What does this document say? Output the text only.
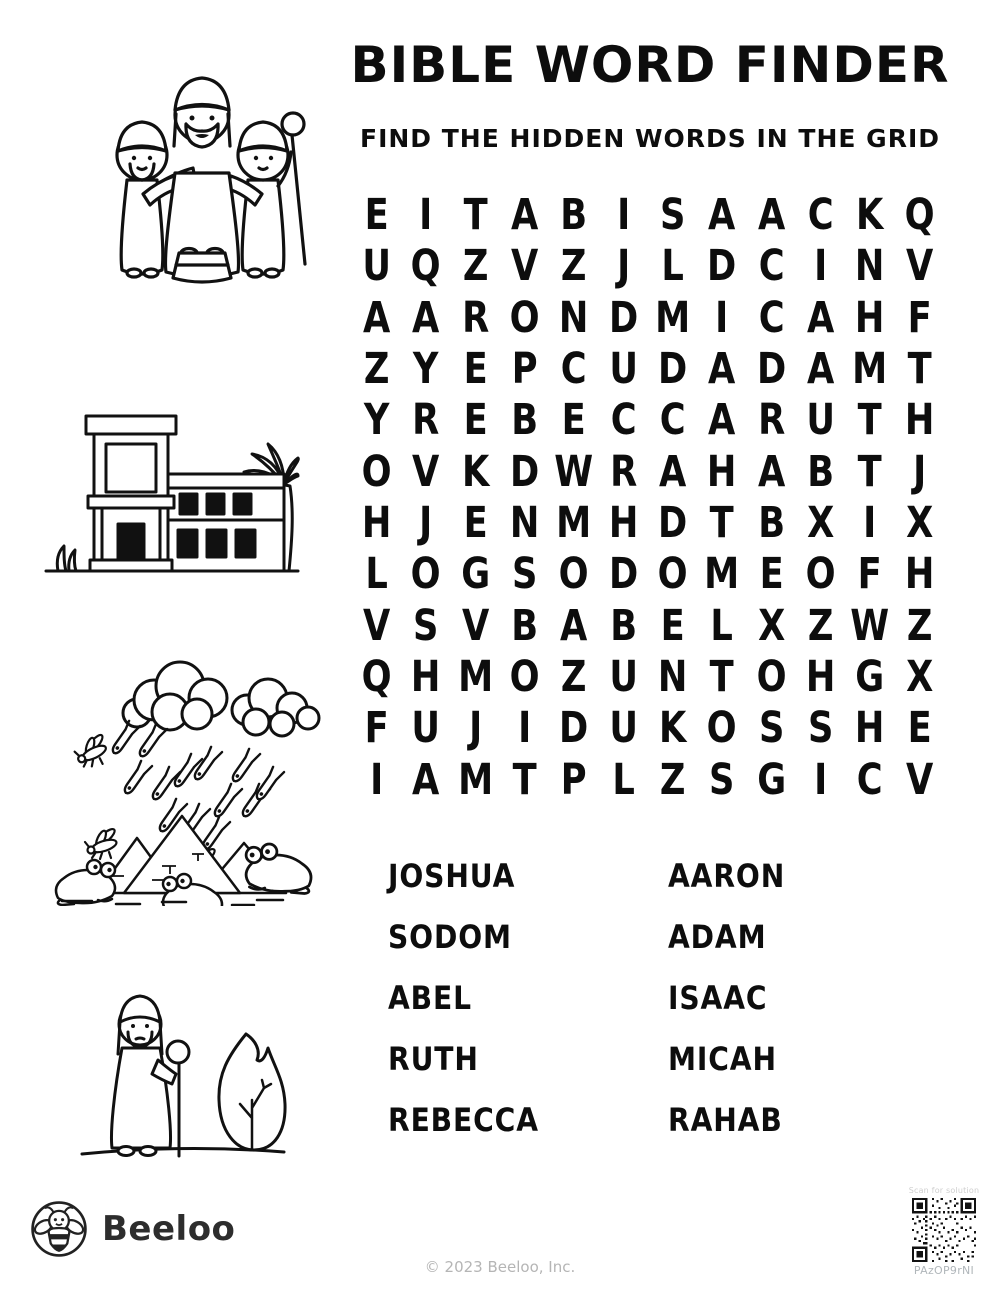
BIBLE WORD FINDER
FIND THE HIDDEN WORDS IN THE GRID
E I T A B I S A A C K Q
U Q Z V Z J L D C I N V
A A R O N D M I C A H F
Z Y E P C U D A D A M T
Y R E B E C C A R U T H
O V K D W R A H A B T J
H J E N M H D T B X I X
L O G S O D O M E O F H
V S V B A B E L X Z W Z
Q H M O Z U N T O H G X
F U J I D U K O S S H E
I A M T P L Z S G I C V
JOSHUA
SODOM
ABEL
RUTH
REBECCA
AARON
ADAM
ISAAC
MICAH
RAHAB
Beeloo
© 2023 Beeloo, Inc.
Scan for solution
PAzOP9rNI
